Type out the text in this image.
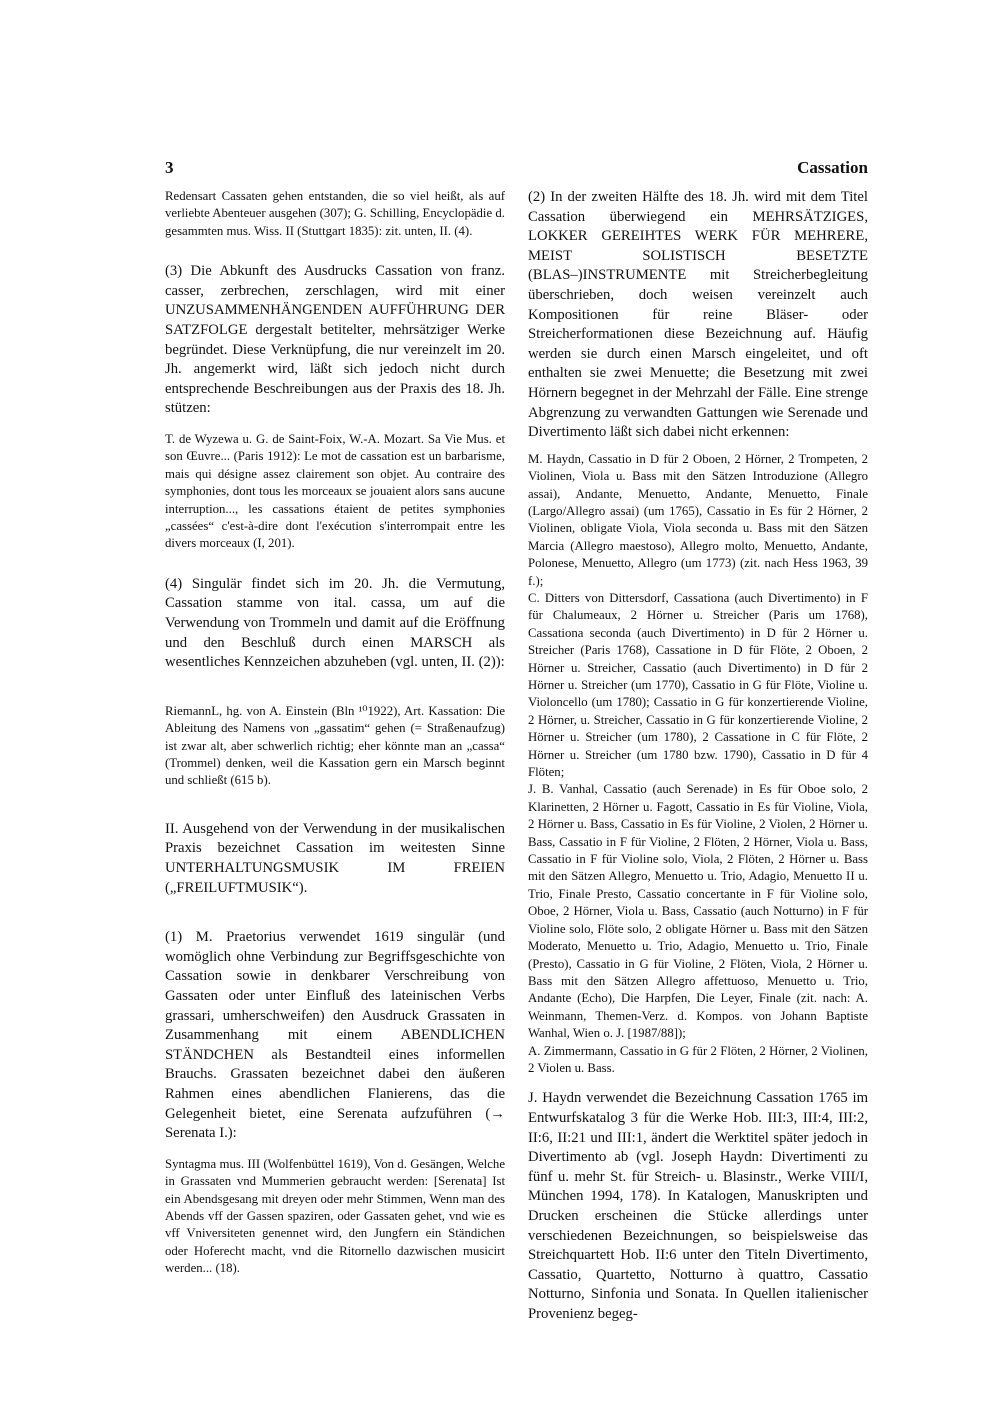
3	Cassation

Redensart Cassaten gehen entstanden, die so viel heißt, als auf verliebte Abenteuer ausgehen (307); G. Schilling, Encyclopädie d. gesammten mus. Wiss. II (Stuttgart 1835): zit. unten, II. (4).

(3) Die Abkunft des Ausdrucks Cassation von franz. casser, zerbrechen, zerschlagen, wird mit einer UNZUSAMMENHÄNGENDEN AUFFÜHRUNG DER SATZFOLGE dergestalt betitelter, mehrsätziger Werke begründet. Diese Verknüpfung, die nur vereinzelt im 20. Jh. angemerkt wird, läßt sich jedoch nicht durch entsprechende Beschreibungen aus der Praxis des 18. Jh. stützen:

T. de Wyzewa u. G. de Saint-Foix, W.-A. Mozart. Sa Vie Mus. et son Œuvre... (Paris 1912): Le mot de cassation est un barbarisme, mais qui désigne assez clairement son objet. Au contraire des symphonies, dont tous les morceaux se jouaient alors sans aucune interruption..., les cassations étaient de petites symphonies „cassées“ c'est-à-dire dont l'exécution s'interrompait entre les divers morceaux (I, 201).

(4) Singulär findet sich im 20. Jh. die Vermutung, Cassation stamme von ital. cassa, um auf die Verwendung von Trommeln und damit auf die Eröffnung und den Beschluß durch einen MARSCH als wesentliches Kennzeichen abzuheben (vgl. unten, II. (2)):

RiemannL, hg. von A. Einstein (Bln ¹⁰1922), Art. Kassation: Die Ableitung des Namens von „gassatim“ gehen (= Straßenaufzug) ist zwar alt, aber schwerlich richtig; eher könnte man an „cassa“ (Trommel) denken, weil die Kassation gern ein Marsch beginnt und schließt (615 b).

II. Ausgehend von der Verwendung in der musikalischen Praxis bezeichnet Cassation im weitesten Sinne UNTERHALTUNGSMUSIK IM FREIEN („FREILUFTMUSIK“).

(1) M. Praetorius verwendet 1619 singulär (und womöglich ohne Verbindung zur Begriffsgeschichte von Cassation sowie in denkbarer Verschreibung von Gassaten oder unter Einfluß des lateinischen Verbs grassari, umherschweifen) den Ausdruck Grassaten in Zusammenhang mit einem ABENDLICHEN STÄNDCHEN als Bestandteil eines informellen Brauchs. Grassaten bezeichnet dabei den äußeren Rahmen eines abendlichen Flanierens, das die Gelegenheit bietet, eine Serenata aufzuführen (→ Serenata I.):

Syntagma mus. III (Wolfenbüttel 1619), Von d. Gesängen, Welche in Grassaten vnd Mummerien gebraucht werden: [Serenata] Ist ein Abendsgesang mit dreyen oder mehr Stimmen, Wenn man des Abends vff der Gassen spaziren, oder Gassaten gehet, vnd wie es vff Vniversiteten genennet wird, den Jungfern ein Ständichen oder Hoferecht macht, vnd die Ritornello dazwischen musicirt werden... (18).

(2) In der zweiten Hälfte des 18. Jh. wird mit dem Titel Cassation überwiegend ein MEHRSÄTZIGES, LOKKER GEREIHTES WERK FÜR MEHRERE, MEIST SOLISTISCH BESETZTE (BLAS–)INSTRUMENTE mit Streicherbegleitung überschrieben, doch weisen vereinzelt auch Kompositionen für reine Bläser- oder Streicherformationen diese Bezeichnung auf. Häufig werden sie durch einen Marsch eingeleitet, und oft enthalten sie zwei Menuette; die Besetzung mit zwei Hörnern begegnet in der Mehrzahl der Fälle. Eine strenge Abgrenzung zu verwandten Gattungen wie Serenade und Divertimento läßt sich dabei nicht erkennen:

M. Haydn, Cassatio in D für 2 Oboen, 2 Hörner, 2 Trompeten, 2 Violinen, Viola u. Bass mit den Sätzen Introduzione (Allegro assai), Andante, Menuetto, Andante, Menuetto, Finale (Largo/Allegro assai) (um 1765), Cassatio in Es für 2 Hörner, 2 Violinen, obligate Viola, Viola seconda u. Bass mit den Sätzen Marcia (Allegro maestoso), Allegro molto, Menuetto, Andante, Polonese, Menuetto, Allegro (um 1773) (zit. nach Hess 1963, 39 f.);

C. Ditters von Dittersdorf, Cassationa (auch Divertimento) in F für Chalumeaux, 2 Hörner u. Streicher (Paris um 1768), Cassationa seconda (auch Divertimento) in D für 2 Hörner u. Streicher (Paris 1768), Cassatione in D für Flöte, 2 Oboen, 2 Hörner u. Streicher, Cassatio (auch Divertimento) in D für 2 Hörner u. Streicher (um 1770), Cassatio in G für Flöte, Violine u. Violoncello (um 1780); Cassatio in G für konzertierende Violine, 2 Hörner, u. Streicher, Cassatio in G für konzertierende Violine, 2 Hörner u. Streicher (um 1780), 2 Cassatione in C für Flöte, 2 Hörner u. Streicher (um 1780 bzw. 1790), Cassatio in D für 4 Flöten;

J. B. Vanhal, Cassatio (auch Serenade) in Es für Oboe solo, 2 Klarinetten, 2 Hörner u. Fagott, Cassatio in Es für Violine, Viola, 2 Hörner u. Bass, Cassatio in Es für Violine, 2 Violen, 2 Hörner u. Bass, Cassatio in F für Violine, 2 Flöten, 2 Hörner, Viola u. Bass, Cassatio in F für Violine solo, Viola, 2 Flöten, 2 Hörner u. Bass mit den Sätzen Allegro, Menuetto u. Trio, Adagio, Menuetto II u. Trio, Finale Presto, Cassatio concertante in F für Violine solo, Oboe, 2 Hörner, Viola u. Bass, Cassatio (auch Notturno) in F für Violine solo, Flöte solo, 2 obligate Hörner u. Bass mit den Sätzen Moderato, Menuetto u. Trio, Adagio, Menuetto u. Trio, Finale (Presto), Cassatio in G für Violine, 2 Flöten, Viola, 2 Hörner u. Bass mit den Sätzen Allegro affettuoso, Menuetto u. Trio, Andante (Echo), Die Harpfen, Die Leyer, Finale (zit. nach: A. Weinmann, Themen-Verz. d. Kompos. von Johann Baptiste Wanhal, Wien o. J. [1987/88]);

A. Zimmermann, Cassatio in G für 2 Flöten, 2 Hörner, 2 Violinen, 2 Violen u. Bass.

J. Haydn verwendet die Bezeichnung Cassation 1765 im Entwurfskatalog 3 für die Werke Hob. III:3, III:4, III:2, II:6, II:21 und III:1, ändert die Werktitel später jedoch in Divertimento ab (vgl. Joseph Haydn: Divertimenti zu fünf u. mehr St. für Streich- u. Blasinstr., Werke VIII/I, München 1994, 178). In Katalogen, Manuskripten und Drucken erscheinen die Stücke allerdings unter verschiedenen Bezeichnungen, so beispielsweise das Streichquartett Hob. II:6 unter den Titeln Divertimento, Cassatio, Quartetto, Notturno à quattro, Cassatio Notturno, Sinfonia und Sonata. In Quellen italienischer Provenienz begeg-
